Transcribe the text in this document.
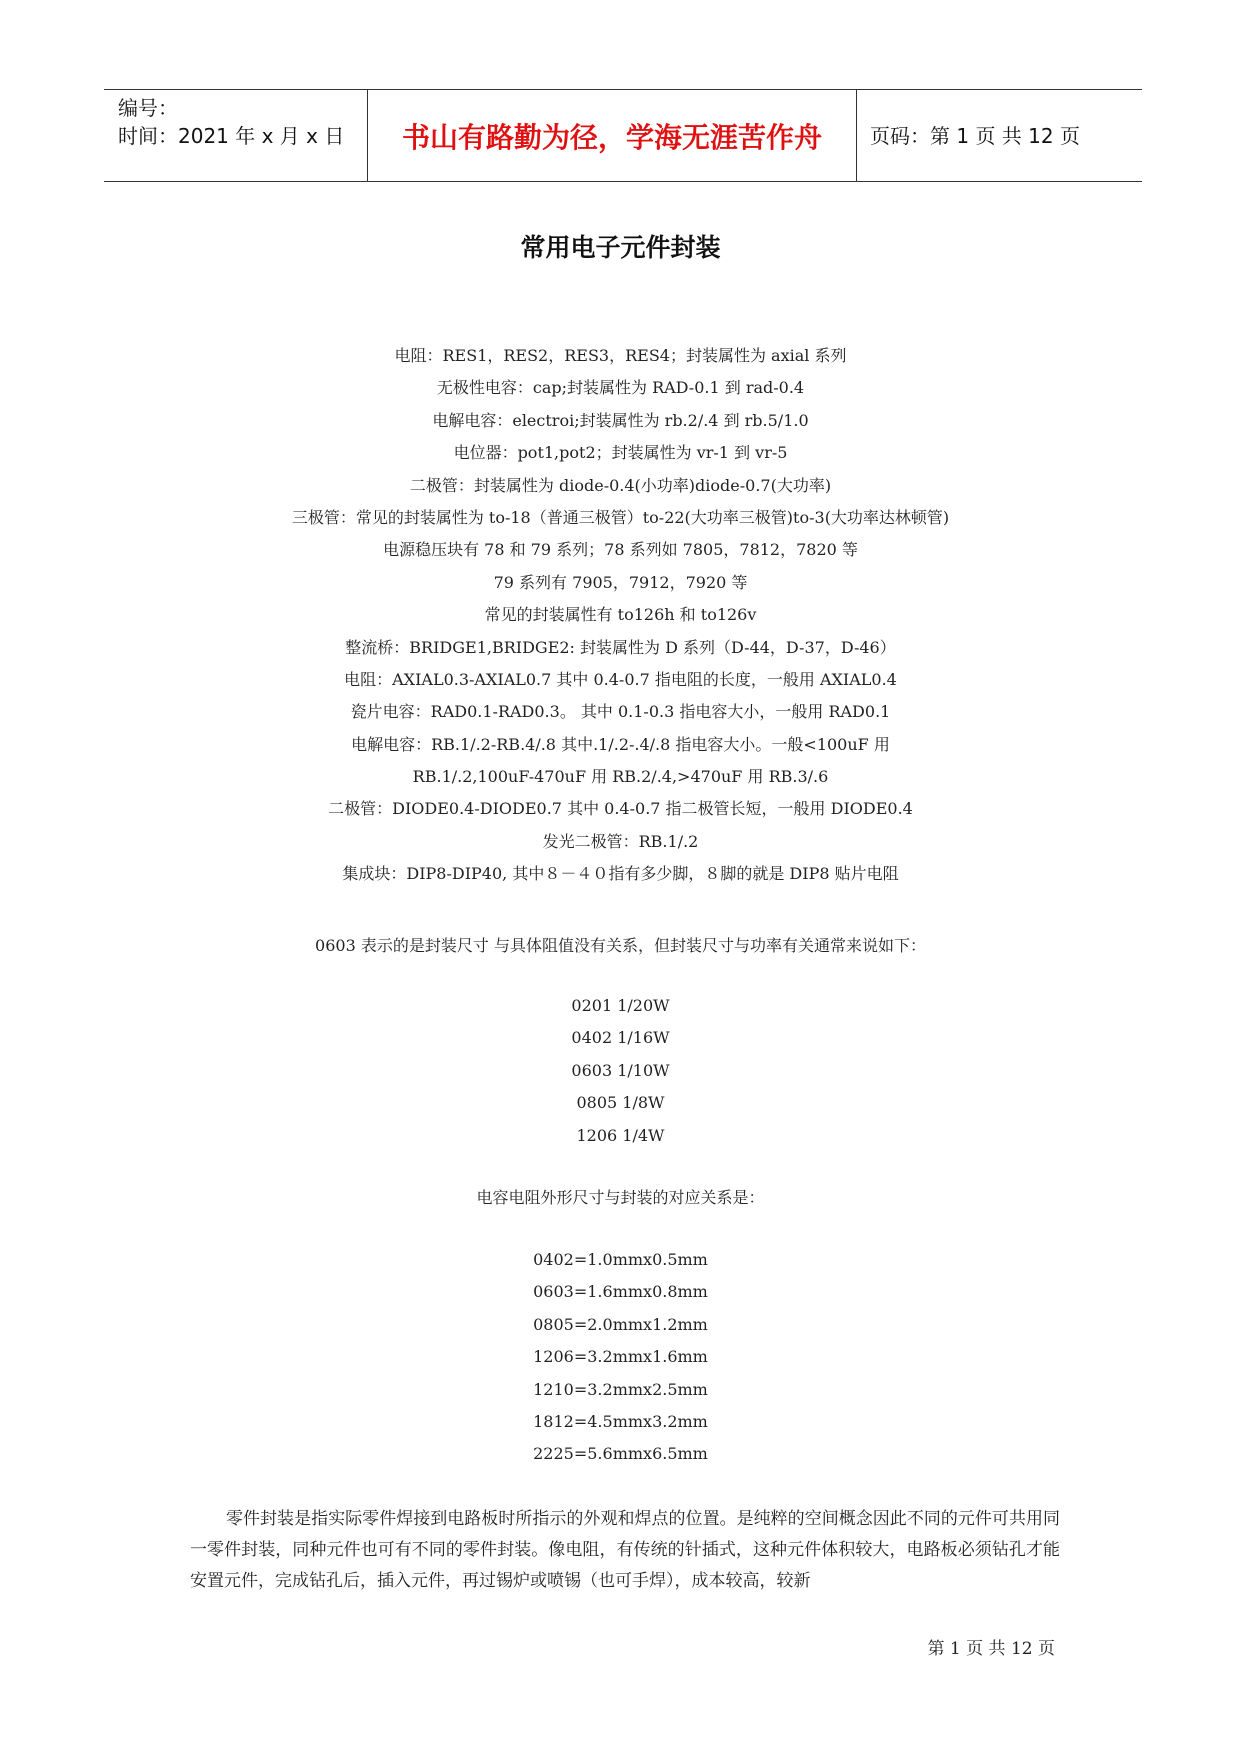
编号：
时间：2021 年 x 月 x 日	书山有路勤为径，学海无涯苦作舟	页码：第 1 页 共 12 页
常用电子元件封装
电阻：RES1，RES2，RES3，RES4；封装属性为 axial 系列
无极性电容：cap;封装属性为 RAD-0.1 到 rad-0.4
电解电容：electroi;封装属性为 rb.2/.4 到 rb.5/1.0
电位器：pot1,pot2；封装属性为 vr-1 到 vr-5
二极管：封装属性为 diode-0.4(小功率)diode-0.7(大功率)
三极管：常见的封装属性为 to-18（普通三极管）to-22(大功率三极管)to-3(大功率达林顿管)
电源稳压块有 78 和 79 系列；78 系列如 7805，7812，7820 等
79 系列有 7905，7912，7920 等
常见的封装属性有 to126h 和 to126v
整流桥：BRIDGE1,BRIDGE2: 封装属性为 D 系列（D-44，D-37，D-46）
电阻：AXIAL0.3-AXIAL0.7 其中 0.4-0.7 指电阻的长度，一般用 AXIAL0.4
瓷片电容：RAD0.1-RAD0.3。 其中 0.1-0.3 指电容大小，一般用 RAD0.1
电解电容：RB.1/.2-RB.4/.8 其中.1/.2-.4/.8 指电容大小。一般<100uF 用
RB.1/.2,100uF-470uF 用 RB.2/.4,>470uF 用 RB.3/.6
二极管：DIODE0.4-DIODE0.7 其中 0.4-0.7 指二极管长短，一般用 DIODE0.4
发光二极管：RB.1/.2
集成块：DIP8-DIP40, 其中８－４０指有多少脚，８脚的就是 DIP8 贴片电阻
0603 表示的是封装尺寸 与具体阻值没有关系，但封装尺寸与功率有关通常来说如下：
0201 1/20W
0402 1/16W
0603 1/10W
0805 1/8W
1206 1/4W
电容电阻外形尺寸与封装的对应关系是：
0402=1.0mmx0.5mm
0603=1.6mmx0.8mm
0805=2.0mmx1.2mm
1206=3.2mmx1.6mm
1210=3.2mmx2.5mm
1812=4.5mmx3.2mm
2225=5.6mmx6.5mm
零件封装是指实际零件焊接到电路板时所指示的外观和焊点的位置。是纯粹的空间概念因此不同的元件可共用同一零件封装，同种元件也可有不同的零件封装。像电阻，有传统的针插式，这种元件体积较大，电路板必须钻孔才能安置元件，完成钻孔后，插入元件，再过锡炉或喷锡（也可手焊），成本较高，较新
第 1 页 共 12 页
